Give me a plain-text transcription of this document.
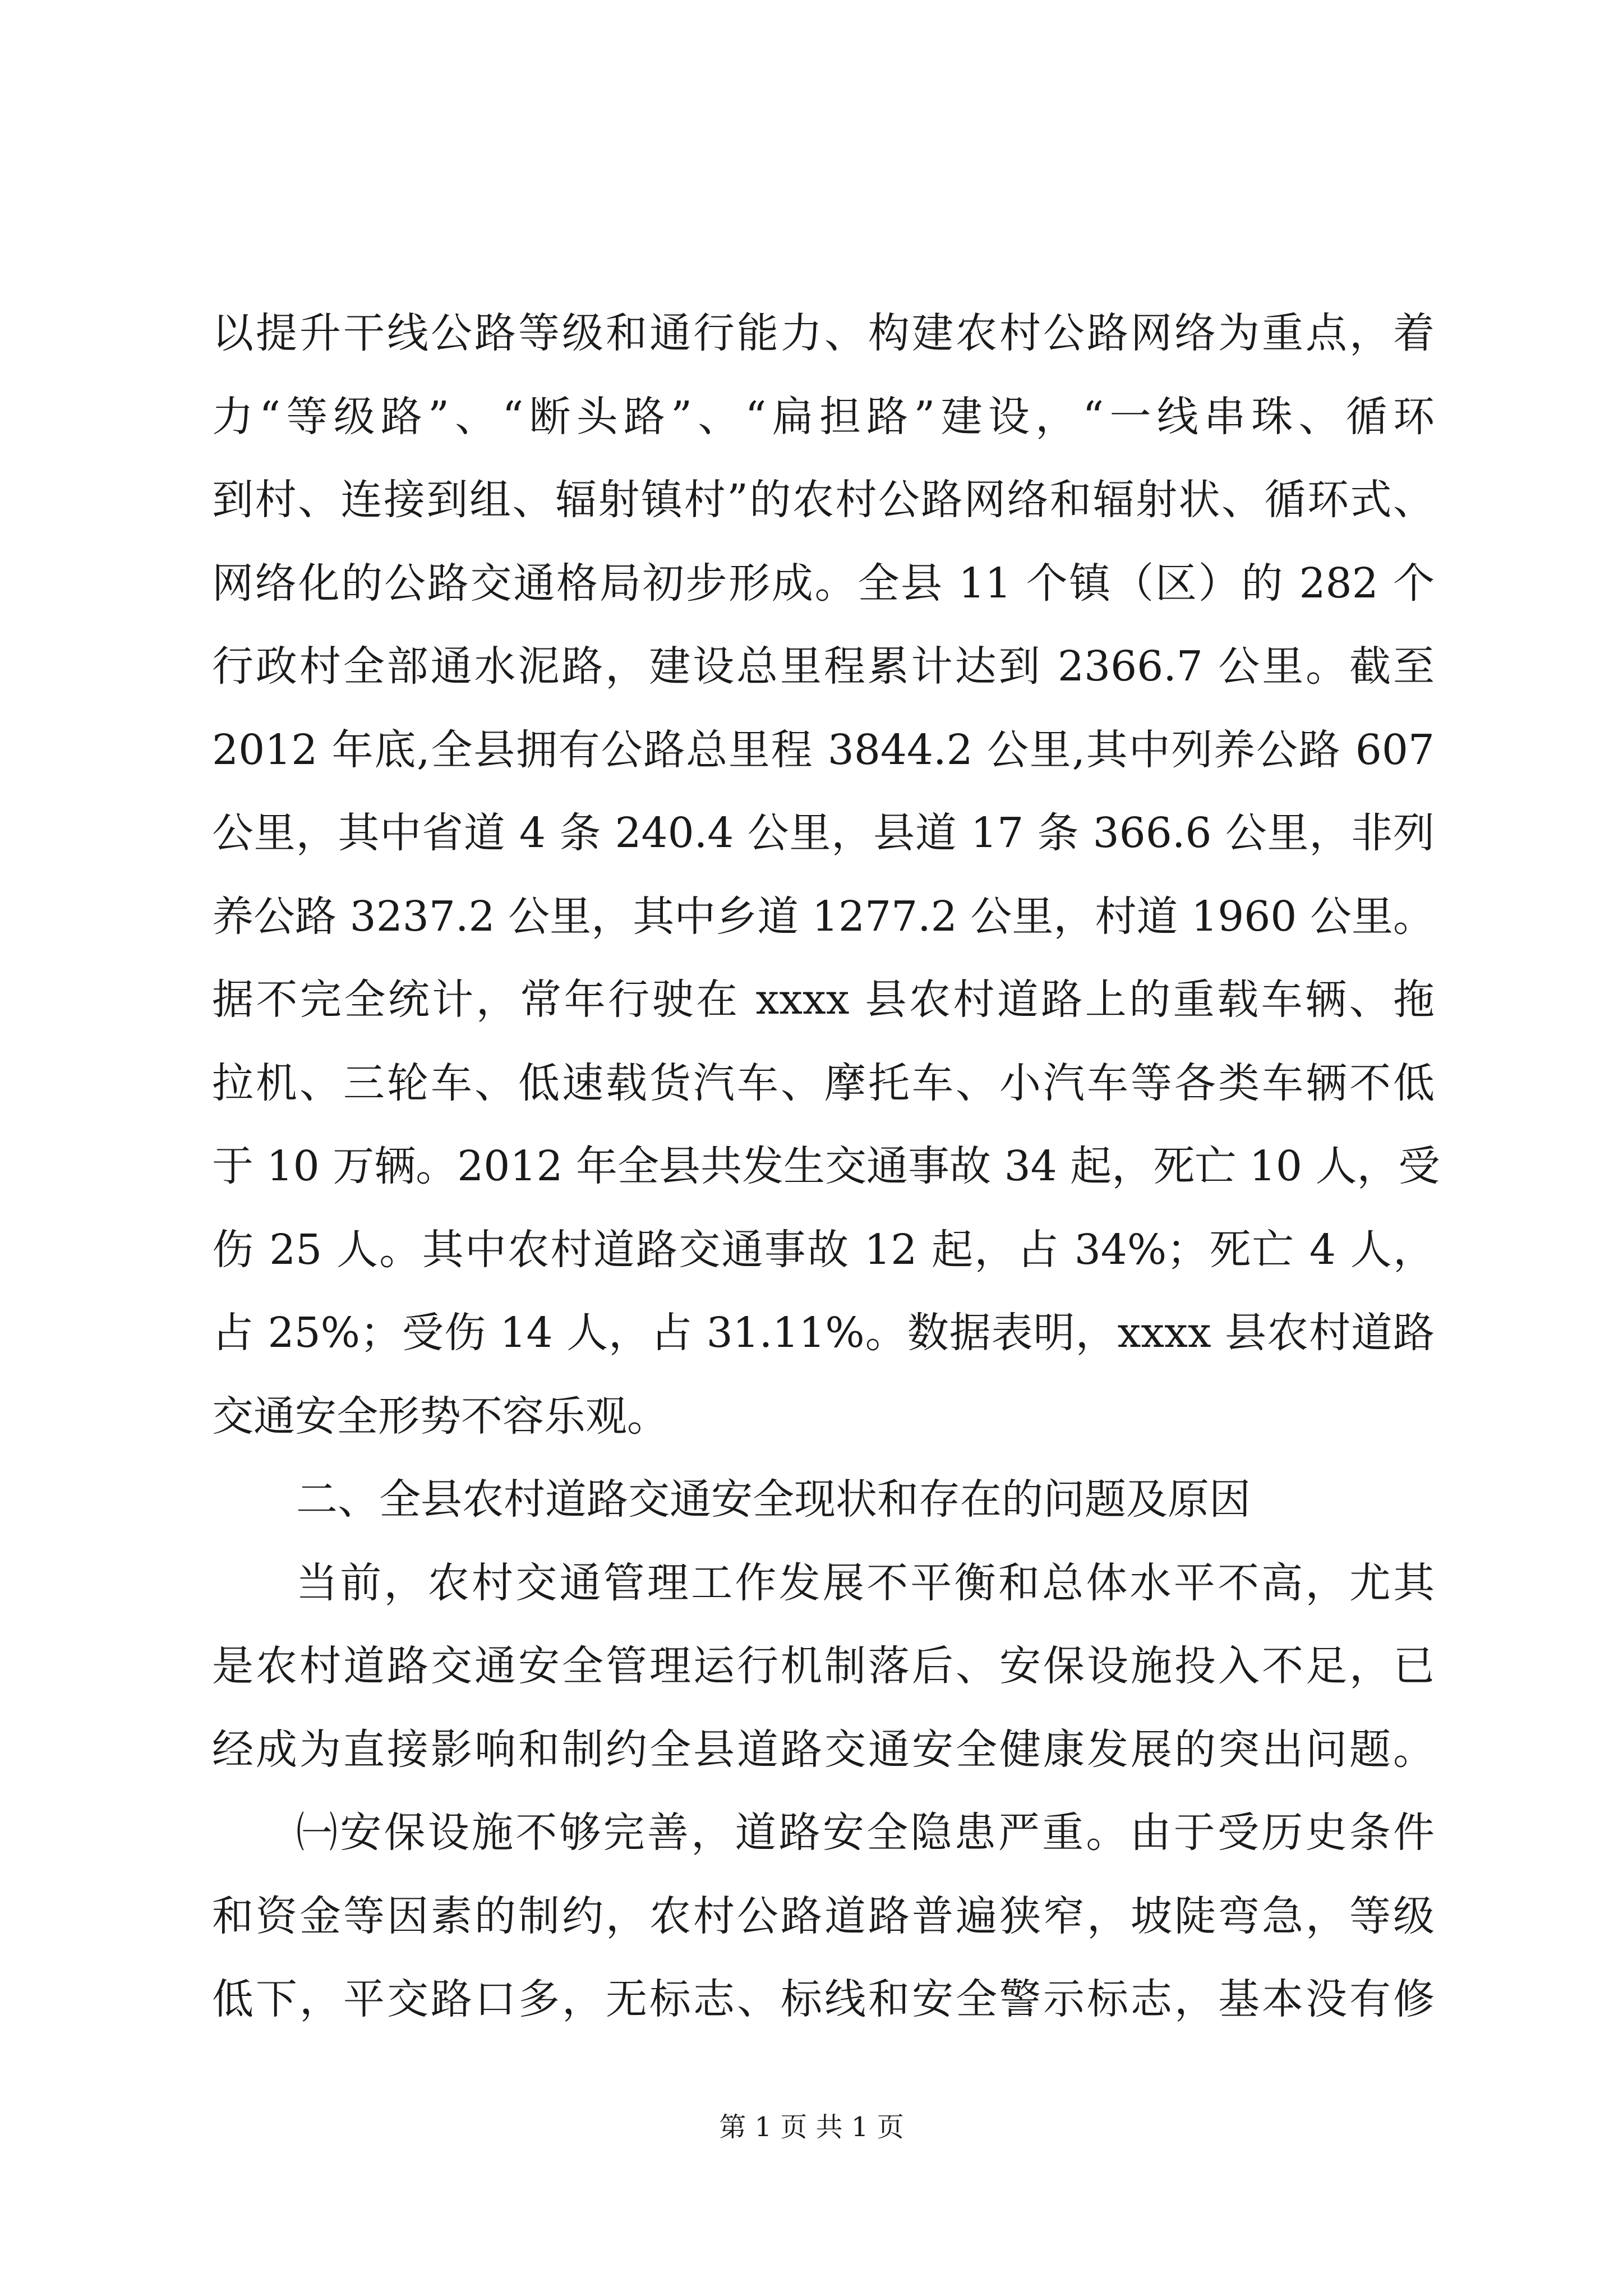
以提升干线公路等级和通行能力、构建农村公路网络为重点，着
力“等级路”、“断头路”、“扁担路”建设，“一线串珠、循环
到村、连接到组、辐射镇村”的农村公路网络和辐射状、循环式、
网络化的公路交通格局初步形成。全县 11 个镇（区）的 282 个
行政村全部通水泥路，建设总里程累计达到 2366.7 公里。截至
2012 年底,全县拥有公路总里程 3844.2 公里,其中列养公路 607
公里，其中省道 4 条 240.4 公里，县道 17 条 366.6 公里，非列
养公路 3237.2 公里，其中乡道 1277.2 公里，村道 1960 公里。
据不完全统计，常年行驶在 xxxx 县农村道路上的重载车辆、拖
拉机、三轮车、低速载货汽车、摩托车、小汽车等各类车辆不低
于 10 万辆。2012 年全县共发生交通事故 34 起，死亡 10 人，受
伤 25 人。其中农村道路交通事故 12 起，占 34%；死亡 4 人，
占 25%；受伤 14 人，占 31.11%。数据表明，xxxx 县农村道路
交通安全形势不容乐观。
二、全县农村道路交通安全现状和存在的问题及原因
当前，农村交通管理工作发展不平衡和总体水平不高，尤其
是农村道路交通安全管理运行机制落后、安保设施投入不足，已
经成为直接影响和制约全县道路交通安全健康发展的突出问题。
㈠安保设施不够完善，道路安全隐患严重。由于受历史条件
和资金等因素的制约，农村公路道路普遍狭窄，坡陡弯急，等级
低下，平交路口多，无标志、标线和安全警示标志，基本没有修
第 1 页 共 1 页
